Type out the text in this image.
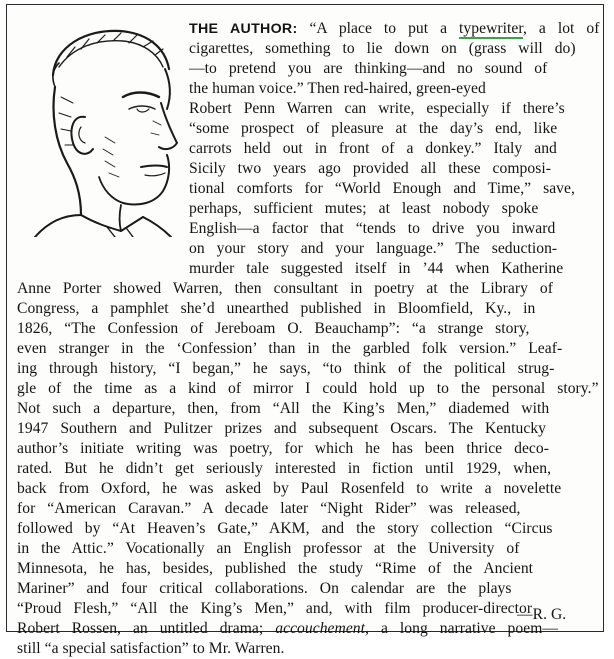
THE AUTHOR: “A place to put a typewriter, a lot of
cigarettes, something to lie down on (grass will do)
—to pretend you are thinking—and no sound of
the human voice.” Then red-haired, green-eyed
Robert Penn Warren can write, especially if there’s
“some prospect of pleasure at the day’s end, like
carrots held out in front of a donkey.” Italy and
Sicily two years ago provided all these composi-
tional comforts for “World Enough and Time,” save,
perhaps, sufficient mutes; at least nobody spoke
English—a factor that “tends to drive you inward
on your story and your language.” The seduction-
murder tale suggested itself in ’44 when Katherine
Anne Porter showed Warren, then consultant in poetry at the Library of
Congress, a pamphlet she’d unearthed published in Bloomfield, Ky., in
1826, “The Confession of Jereboam O. Beauchamp”: “a strange story,
even stranger in the ‘Confession’ than in the garbled folk version.” Leaf-
ing through history, “I began,” he says, “to think of the political strug-
gle of the time as a kind of mirror I could hold up to the personal story.”
Not such a departure, then, from “All the King’s Men,” diademed with
1947 Southern and Pulitzer prizes and subsequent Oscars. The Kentucky
author’s initiate writing was poetry, for which he has been thrice deco-
rated. But he didn’t get seriously interested in fiction until 1929, when,
back from Oxford, he was asked by Paul Rosenfeld to write a novelette
for “American Caravan.” A decade later “Night Rider” was released,
followed by “At Heaven’s Gate,” AKM, and the story collection “Circus
in the Attic.” Vocationally an English professor at the University of
Minnesota, he has, besides, published the study “Rime of the Ancient
Mariner” and four critical collaborations. On calendar are the plays
“Proud Flesh,” “All the King’s Men,” and, with film producer-director
Robert Rossen, an untitled drama; accouchement, a long narrative poem—
still “a special satisfaction” to Mr. Warren.
—R. G.
